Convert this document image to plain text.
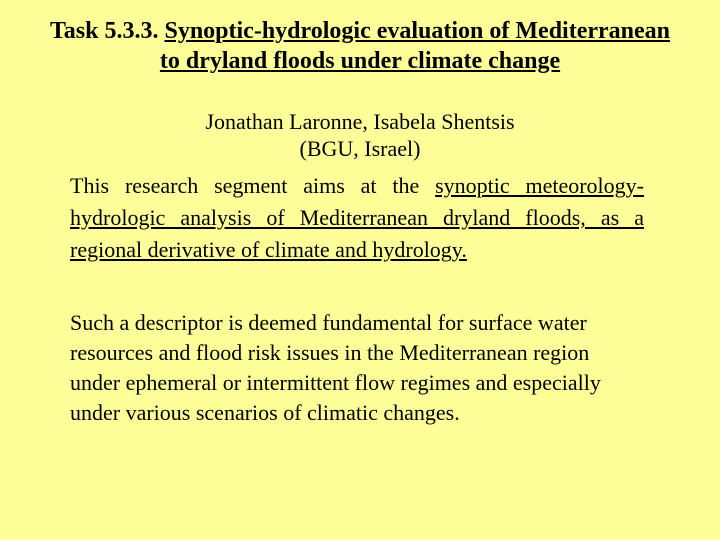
Task 5.3.3. Synoptic-hydrologic evaluation of Mediterranean
to dryland floods under climate change
Jonathan Laronne, Isabela Shentsis
(BGU, Israel)
This research segment aims at the synoptic meteorology-hydrologic analysis of Mediterranean dryland floods, as a regional derivative of climate and hydrology.
Such a descriptor is deemed fundamental for surface water resources and flood risk issues in the Mediterranean region under ephemeral or intermittent flow regimes and especially under various scenarios of climatic changes.
